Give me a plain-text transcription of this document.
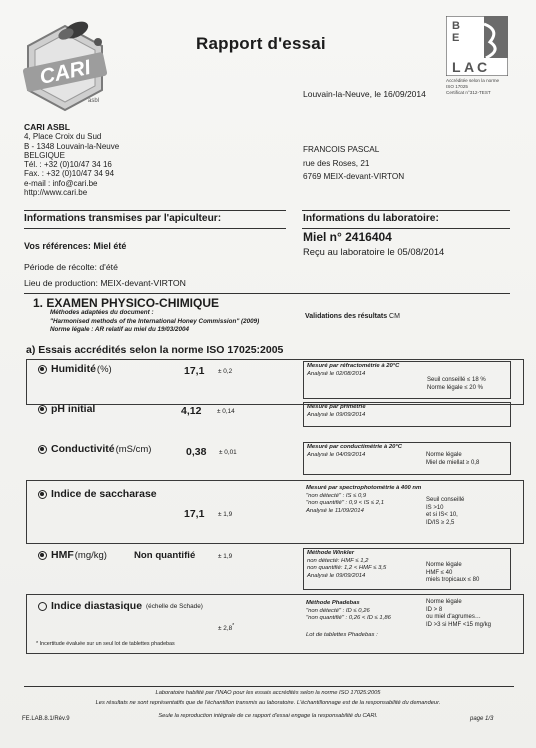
CARI
asbl
Rapport d'essai
B
E
L A C
Accréditée selon la norme
ISO 17025
Certificat n°312-TEST
Louvain-la-Neuve, le 16/09/2014
CARI ASBL
4, Place Croix du Sud
B - 1348 Louvain-la-Neuve
BELGIQUE
Tél. : +32 (0)10/47 34 16
Fax. : +32 (0)10/47 34 94
e-mail : info@cari.be
http://www.cari.be
FRANCOIS PASCAL
rue des Roses, 21
6769 MEIX-devant-VIRTON
Informations transmises par l'apiculteur:	Informations du laboratoire:
Miel n° 2416404
Vos références: Miel été	Reçu au laboratoire le 05/08/2014
Période de récolte: d'été
Lieu de production: MEIX-devant-VIRTON
1. EXAMEN PHYSICO-CHIMIQUE
Méthodes adaptées du document :
"Harmonised methods of the International Honey Commission" (2009)
Norme légale : AR relatif au miel du 19/03/2004
Validations des résultats CM
a) Essais accrédités selon la norme ISO 17025:2005
Humidité (%)	17,1 ± 0,2
Mesuré par réfractométrie à 20°C
Analysé le 02/08/2014
Seuil conseillé ≤ 18 %
Norme légale ≤ 20 %
pH initial	4,12 ± 0,14
Mesuré par pHmétrie
Analysé le 09/09/2014
Conductivité (mS/cm)	0,38 ± 0,01
Mesuré par conductimétrie à 20°C
Analysé le 04/09/2014	Norme légale
Miel de miellat ≥ 0,8
Indice de saccharase
17,1 ± 1,9
Mesuré par spectrophotométrie à 400 nm
"non détecté" : IS ≤ 0,9
"non quantifié" : 0,9 < IS ≤ 2,1
Analysé le 11/09/2014
Seuil conseillé
IS >10
et si IS< 10,
ID/IS ≥ 2,5
HMF (mg/kg)	Non quantifié	± 1,9	Méthode Winkler
non détecté: HMF ≤ 1,2
non quantifié: 1,2 < HMF ≤ 3,5
Analysé le 09/09/2014
Norme légale
HMF ≤ 40
miels tropicaux ≤ 80
Indice diastasique (échelle de Schade)
± 2,8*
Méthode Phadebas
"non détecté" : ID ≤ 0,26
"non quantifié" : 0,26 < ID ≤ 1,86
Lot de tablettes Phadebas :
Norme légale
ID > 8
ou miel d'agrumes…
ID >3 si HMF <15 mg/kg
* Incertitude évaluée sur un seul lot de tablettes phadebas
Laboratoire habilité par l'INAO pour les essais accrédités selon la norme ISO 17025:2005
Les résultats ne sont représentatifs que de l'échantillon transmis au laboratoire. L'échantillonnage est de la responsabilité du demandeur.
Seule la reproduction intégrale de ce rapport d'essai engage la responsabilité du CARI.
FE.LAB.8.1/Rév.9	page 1/3
